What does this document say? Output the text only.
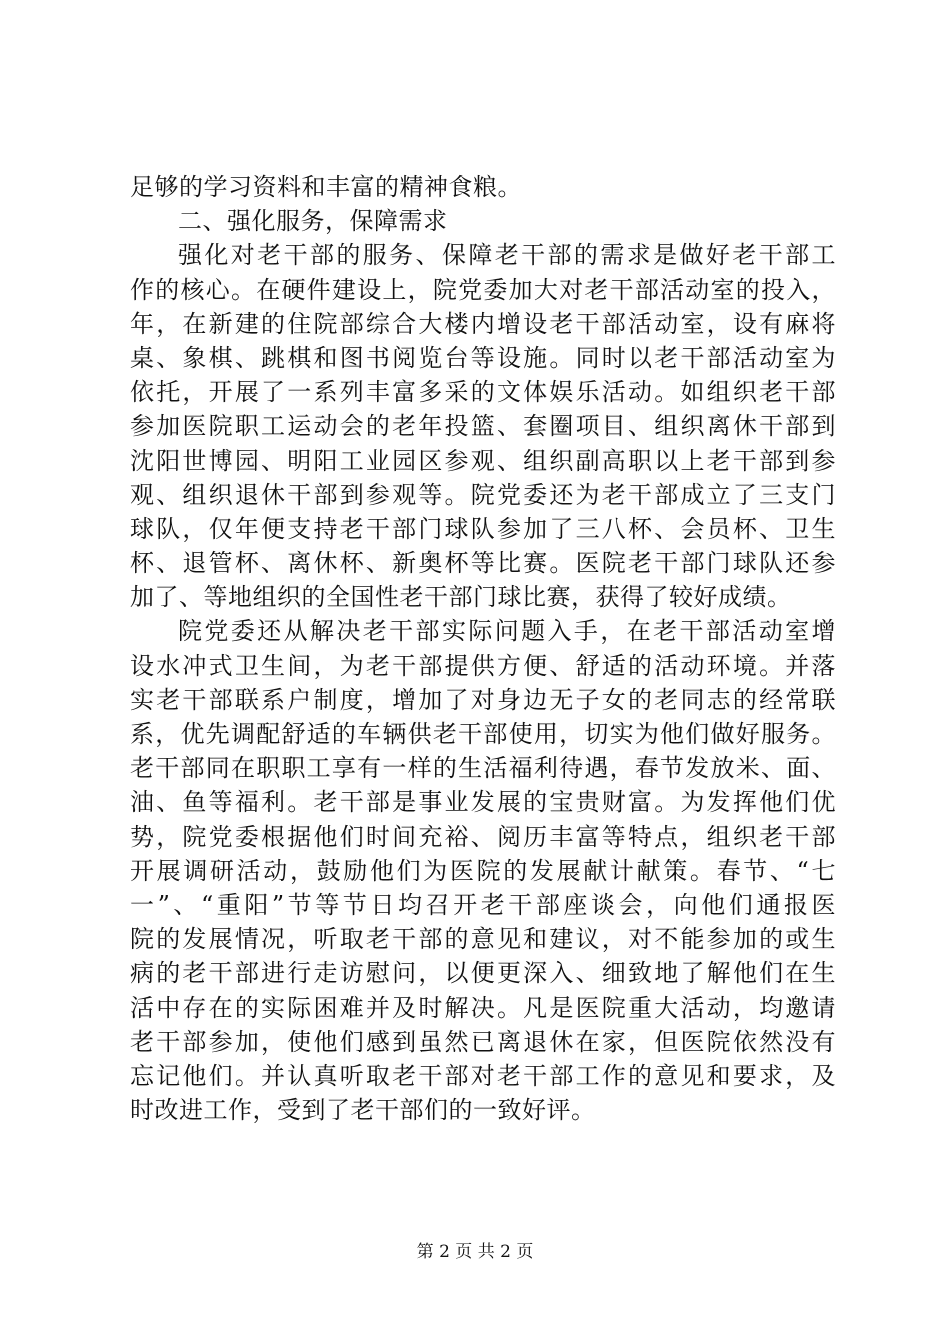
足够的学习资料和丰富的精神食粮。
二、强化服务，保障需求
强化对老干部的服务、保障老干部的需求是做好老干部工
作的核心。在硬件建设上，院党委加大对老干部活动室的投入，
年，在新建的住院部综合大楼内增设老干部活动室，设有麻将
桌、象棋、跳棋和图书阅览台等设施。同时以老干部活动室为
依托，开展了一系列丰富多采的文体娱乐活动。如组织老干部
参加医院职工运动会的老年投篮、套圈项目、组织离休干部到
沈阳世博园、明阳工业园区参观、组织副高职以上老干部到参
观、组织退休干部到参观等。院党委还为老干部成立了三支门
球队，仅年便支持老干部门球队参加了三八杯、会员杯、卫生
杯、退管杯、离休杯、新奥杯等比赛。医院老干部门球队还参
加了、等地组织的全国性老干部门球比赛，获得了较好成绩。
院党委还从解决老干部实际问题入手，在老干部活动室增
设水冲式卫生间，为老干部提供方便、舒适的活动环境。并落
实老干部联系户制度，增加了对身边无子女的老同志的经常联
系，优先调配舒适的车辆供老干部使用，切实为他们做好服务。
老干部同在职职工享有一样的生活福利待遇，春节发放米、面、
油、鱼等福利。老干部是事业发展的宝贵财富。为发挥他们优
势，院党委根据他们时间充裕、阅历丰富等特点，组织老干部
开展调研活动，鼓励他们为医院的发展献计献策。春节、“七
一”、“重阳”节等节日均召开老干部座谈会，向他们通报医
院的发展情况，听取老干部的意见和建议，对不能参加的或生
病的老干部进行走访慰问，以便更深入、细致地了解他们在生
活中存在的实际困难并及时解决。凡是医院重大活动，均邀请
老干部参加，使他们感到虽然已离退休在家，但医院依然没有
忘记他们。并认真听取老干部对老干部工作的意见和要求，及
时改进工作，受到了老干部们的一致好评。
第 2 页 共 2 页
